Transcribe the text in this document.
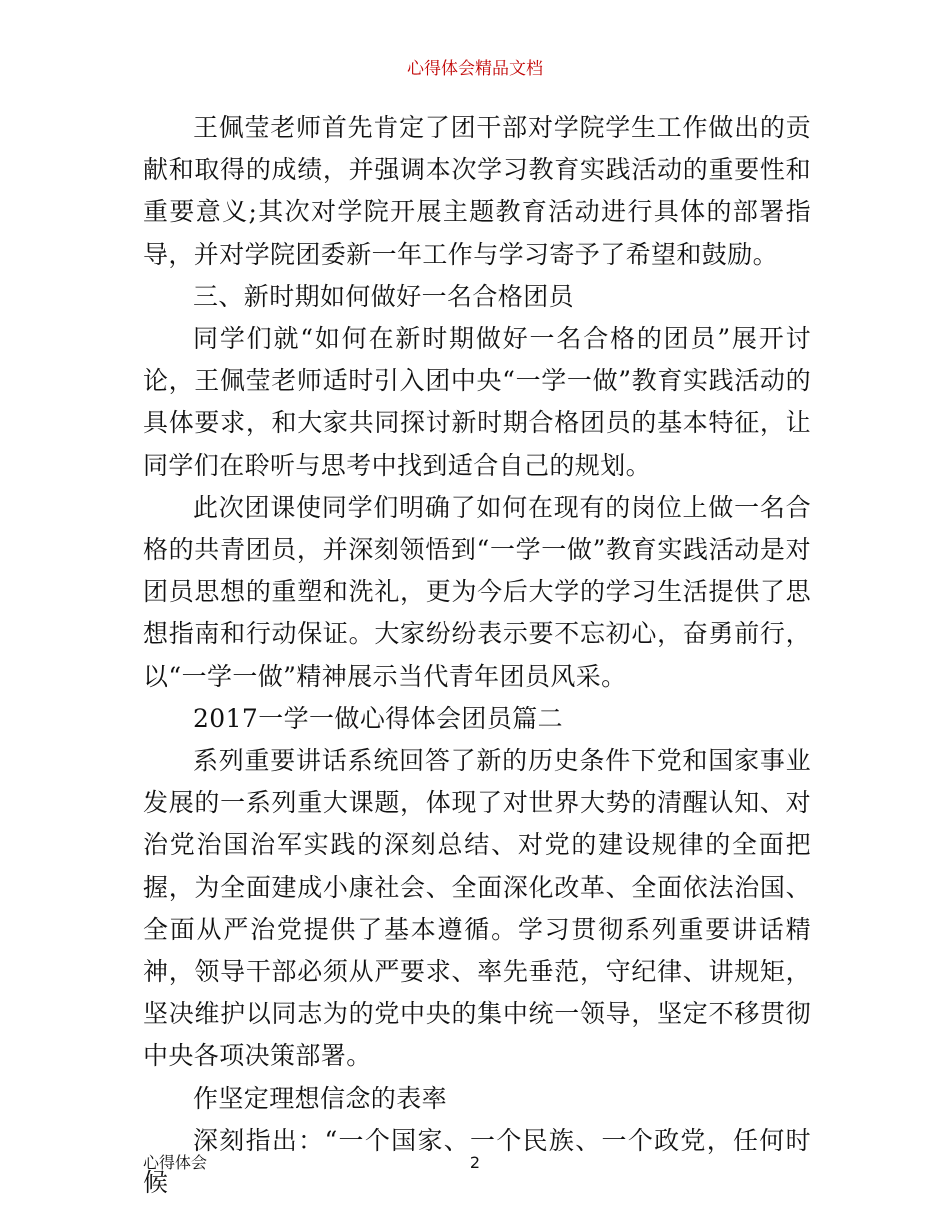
心得体会精品文档

王佩莹老师首先肯定了团干部对学院学生工作做出的贡献和取得的成绩，并强调本次学习教育实践活动的重要性和重要意义;其次对学院开展主题教育活动进行具体的部署指导，并对学院团委新一年工作与学习寄予了希望和鼓励。

三、新时期如何做好一名合格团员

同学们就“如何在新时期做好一名合格的团员”展开讨论，王佩莹老师适时引入团中央“一学一做”教育实践活动的具体要求，和大家共同探讨新时期合格团员的基本特征，让同学们在聆听与思考中找到适合自己的规划。

此次团课使同学们明确了如何在现有的岗位上做一名合格的共青团员，并深刻领悟到“一学一做”教育实践活动是对团员思想的重塑和洗礼，更为今后大学的学习生活提供了思想指南和行动保证。大家纷纷表示要不忘初心，奋勇前行，以“一学一做”精神展示当代青年团员风采。

2017一学一做心得体会团员篇二

系列重要讲话系统回答了新的历史条件下党和国家事业发展的一系列重大课题，体现了对世界大势的清醒认知、对治党治国治军实践的深刻总结、对党的建设规律的全面把握，为全面建成小康社会、全面深化改革、全面依法治国、全面从严治党提供了基本遵循。学习贯彻系列重要讲话精神，领导干部必须从严要求、率先垂范，守纪律、讲规矩，坚决维护以同志为的党中央的集中统一领导，坚定不移贯彻中央各项决策部署。

作坚定理想信念的表率

深刻指出：“一个国家、一个民族、一个政党，任何时候

心得体会	2
